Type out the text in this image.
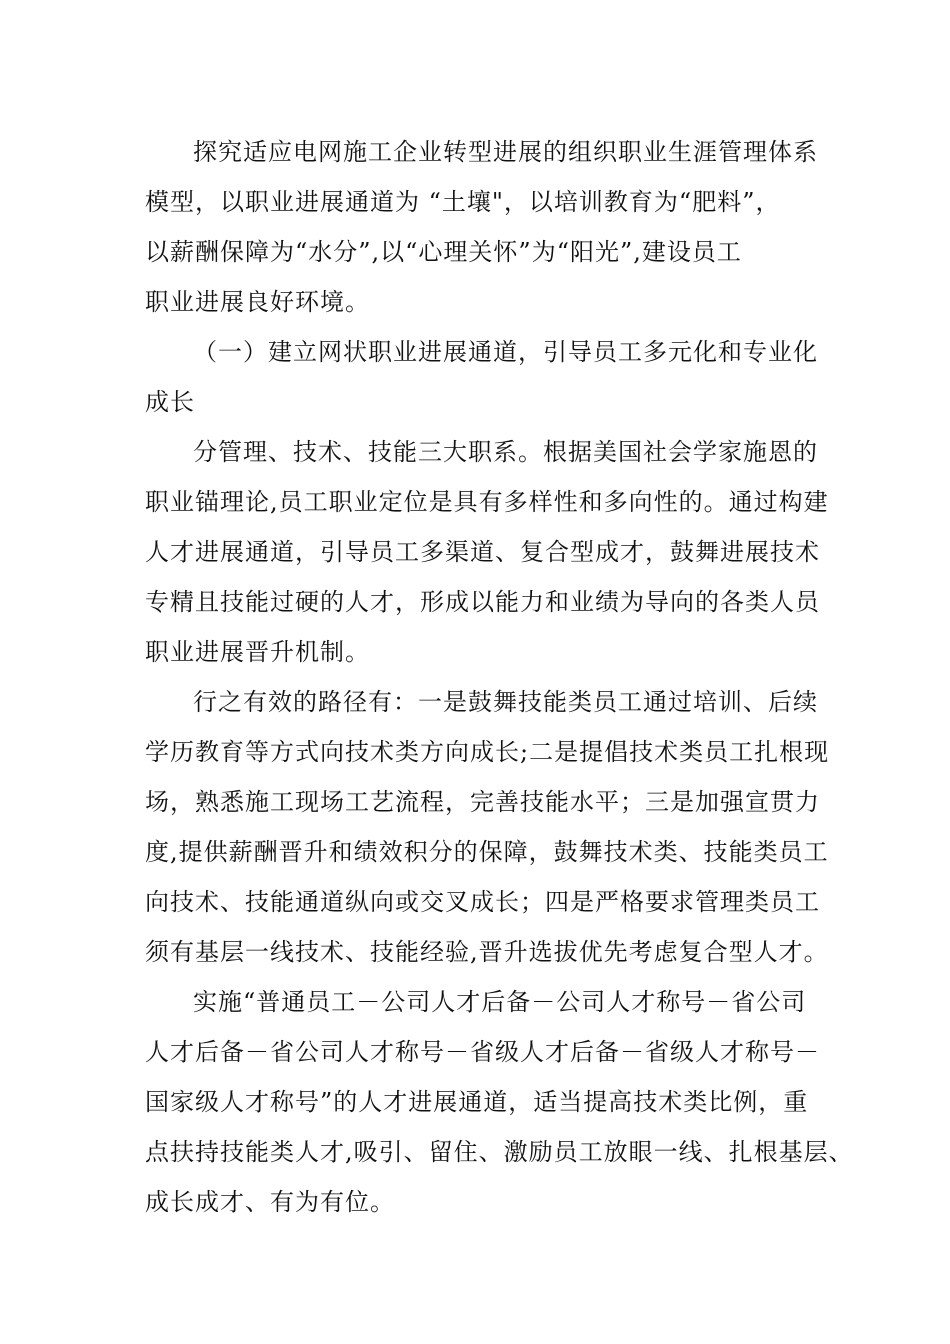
探究适应电网施工企业转型进展的组织职业生涯管理体系
模型，以职业进展通道为 “土壤"，以培训教育为“肥料”，
以薪酬保障为“水分”,以“心理关怀”为“阳光”,建设员工
职业进展良好环境。
（一）建立网状职业进展通道，引导员工多元化和专业化
成长
分管理、技术、技能三大职系。根据美国社会学家施恩的
职业锚理论,员工职业定位是具有多样性和多向性的。通过构建
人才进展通道，引导员工多渠道、复合型成才，鼓舞进展技术
专精且技能过硬的人才，形成以能力和业绩为导向的各类人员
职业进展晋升机制。
行之有效的路径有：一是鼓舞技能类员工通过培训、后续
学历教育等方式向技术类方向成长;二是提倡技术类员工扎根现
场，熟悉施工现场工艺流程，完善技能水平；三是加强宣贯力
度,提供薪酬晋升和绩效积分的保障，鼓舞技术类、技能类员工
向技术、技能通道纵向或交叉成长；四是严格要求管理类员工
须有基层一线技术、技能经验,晋升选拔优先考虑复合型人才。
实施“普通员工－公司人才后备－公司人才称号－省公司
人才后备－省公司人才称号－省级人才后备－省级人才称号－
国家级人才称号”的人才进展通道，适当提高技术类比例，重
点扶持技能类人才,吸引、留住、激励员工放眼一线、扎根基层、
成长成才、有为有位。
